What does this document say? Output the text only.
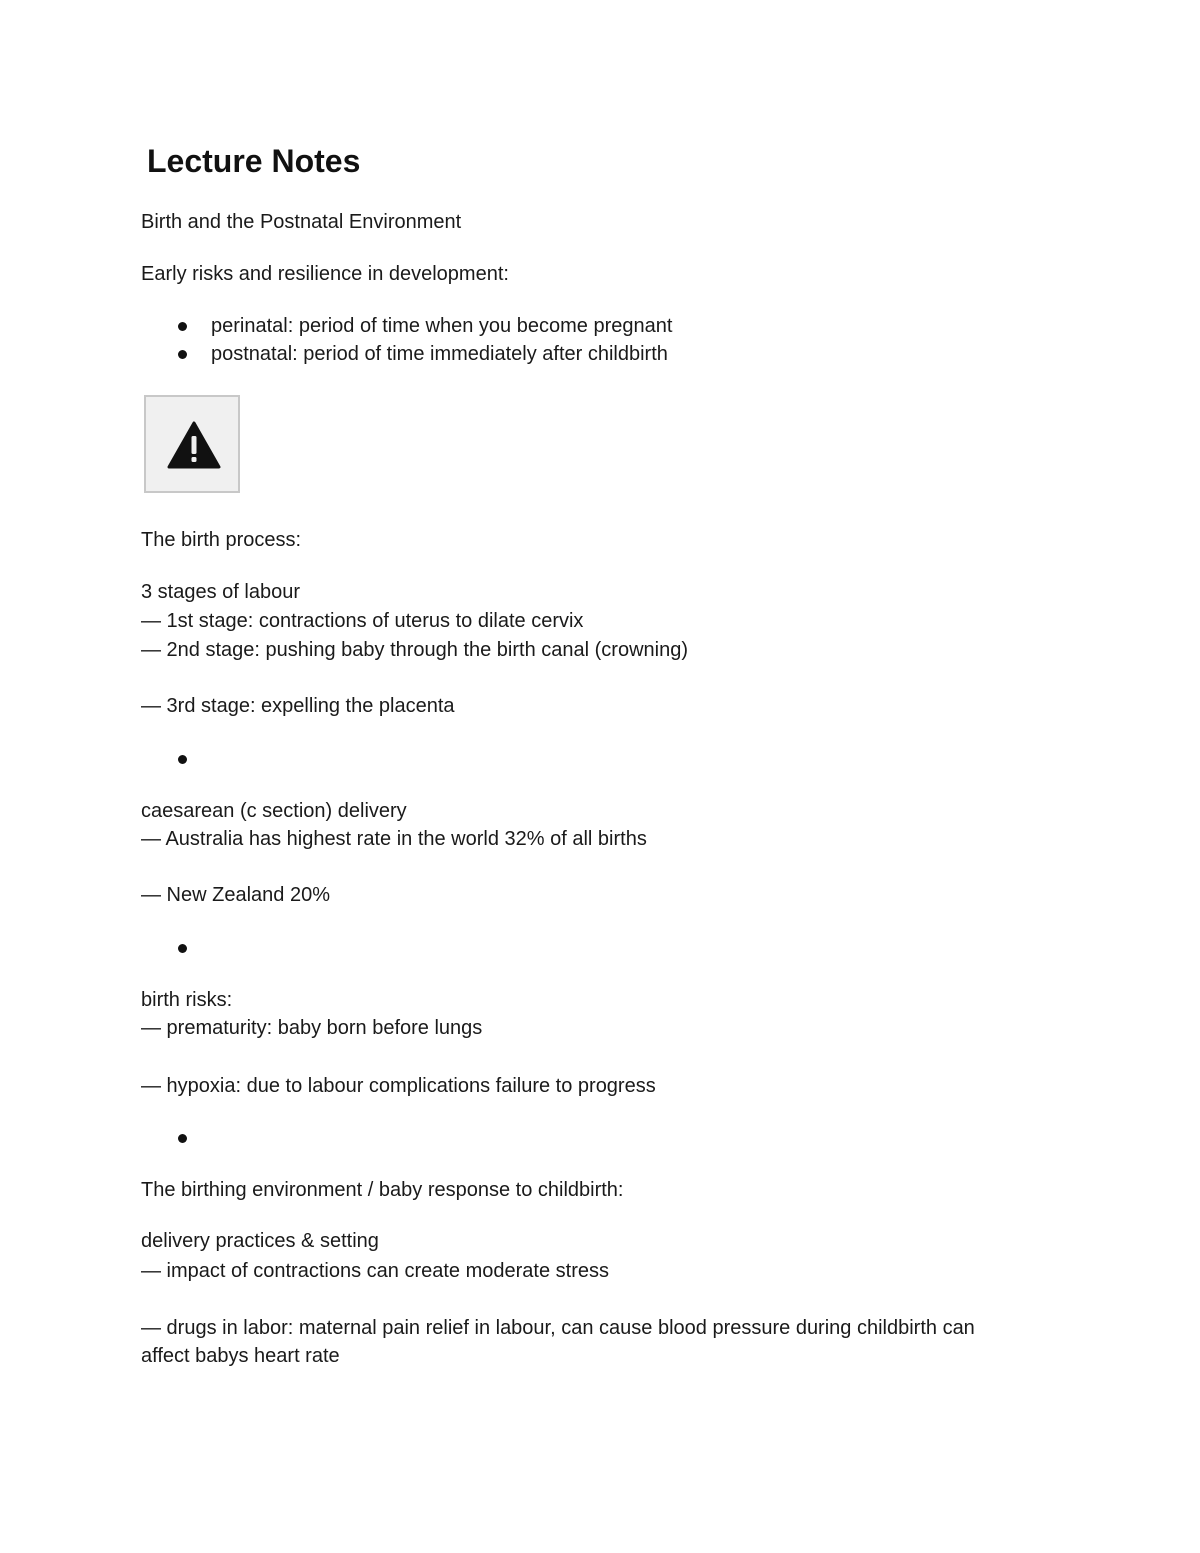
Lecture Notes
Birth and the Postnatal Environment
Early risks and resilience in development:
perinatal: period of time when you become pregnant
postnatal: period of time immediately after childbirth
The birth process:
3 stages of labour
— 1st stage: contractions of uterus to dilate cervix
— 2nd stage: pushing baby through the birth canal (crowning)
— 3rd stage: expelling the placenta
caesarean (c section) delivery
— Australia has highest rate in the world 32% of all births
— New Zealand 20%
birth risks:
— prematurity: baby born before lungs
— hypoxia: due to labour complications failure to progress
The birthing environment / baby response to childbirth:
delivery practices & setting
— impact of contractions can create moderate stress
— drugs in labor: maternal pain relief in labour, can cause blood pressure during childbirth can
affect babys heart rate
